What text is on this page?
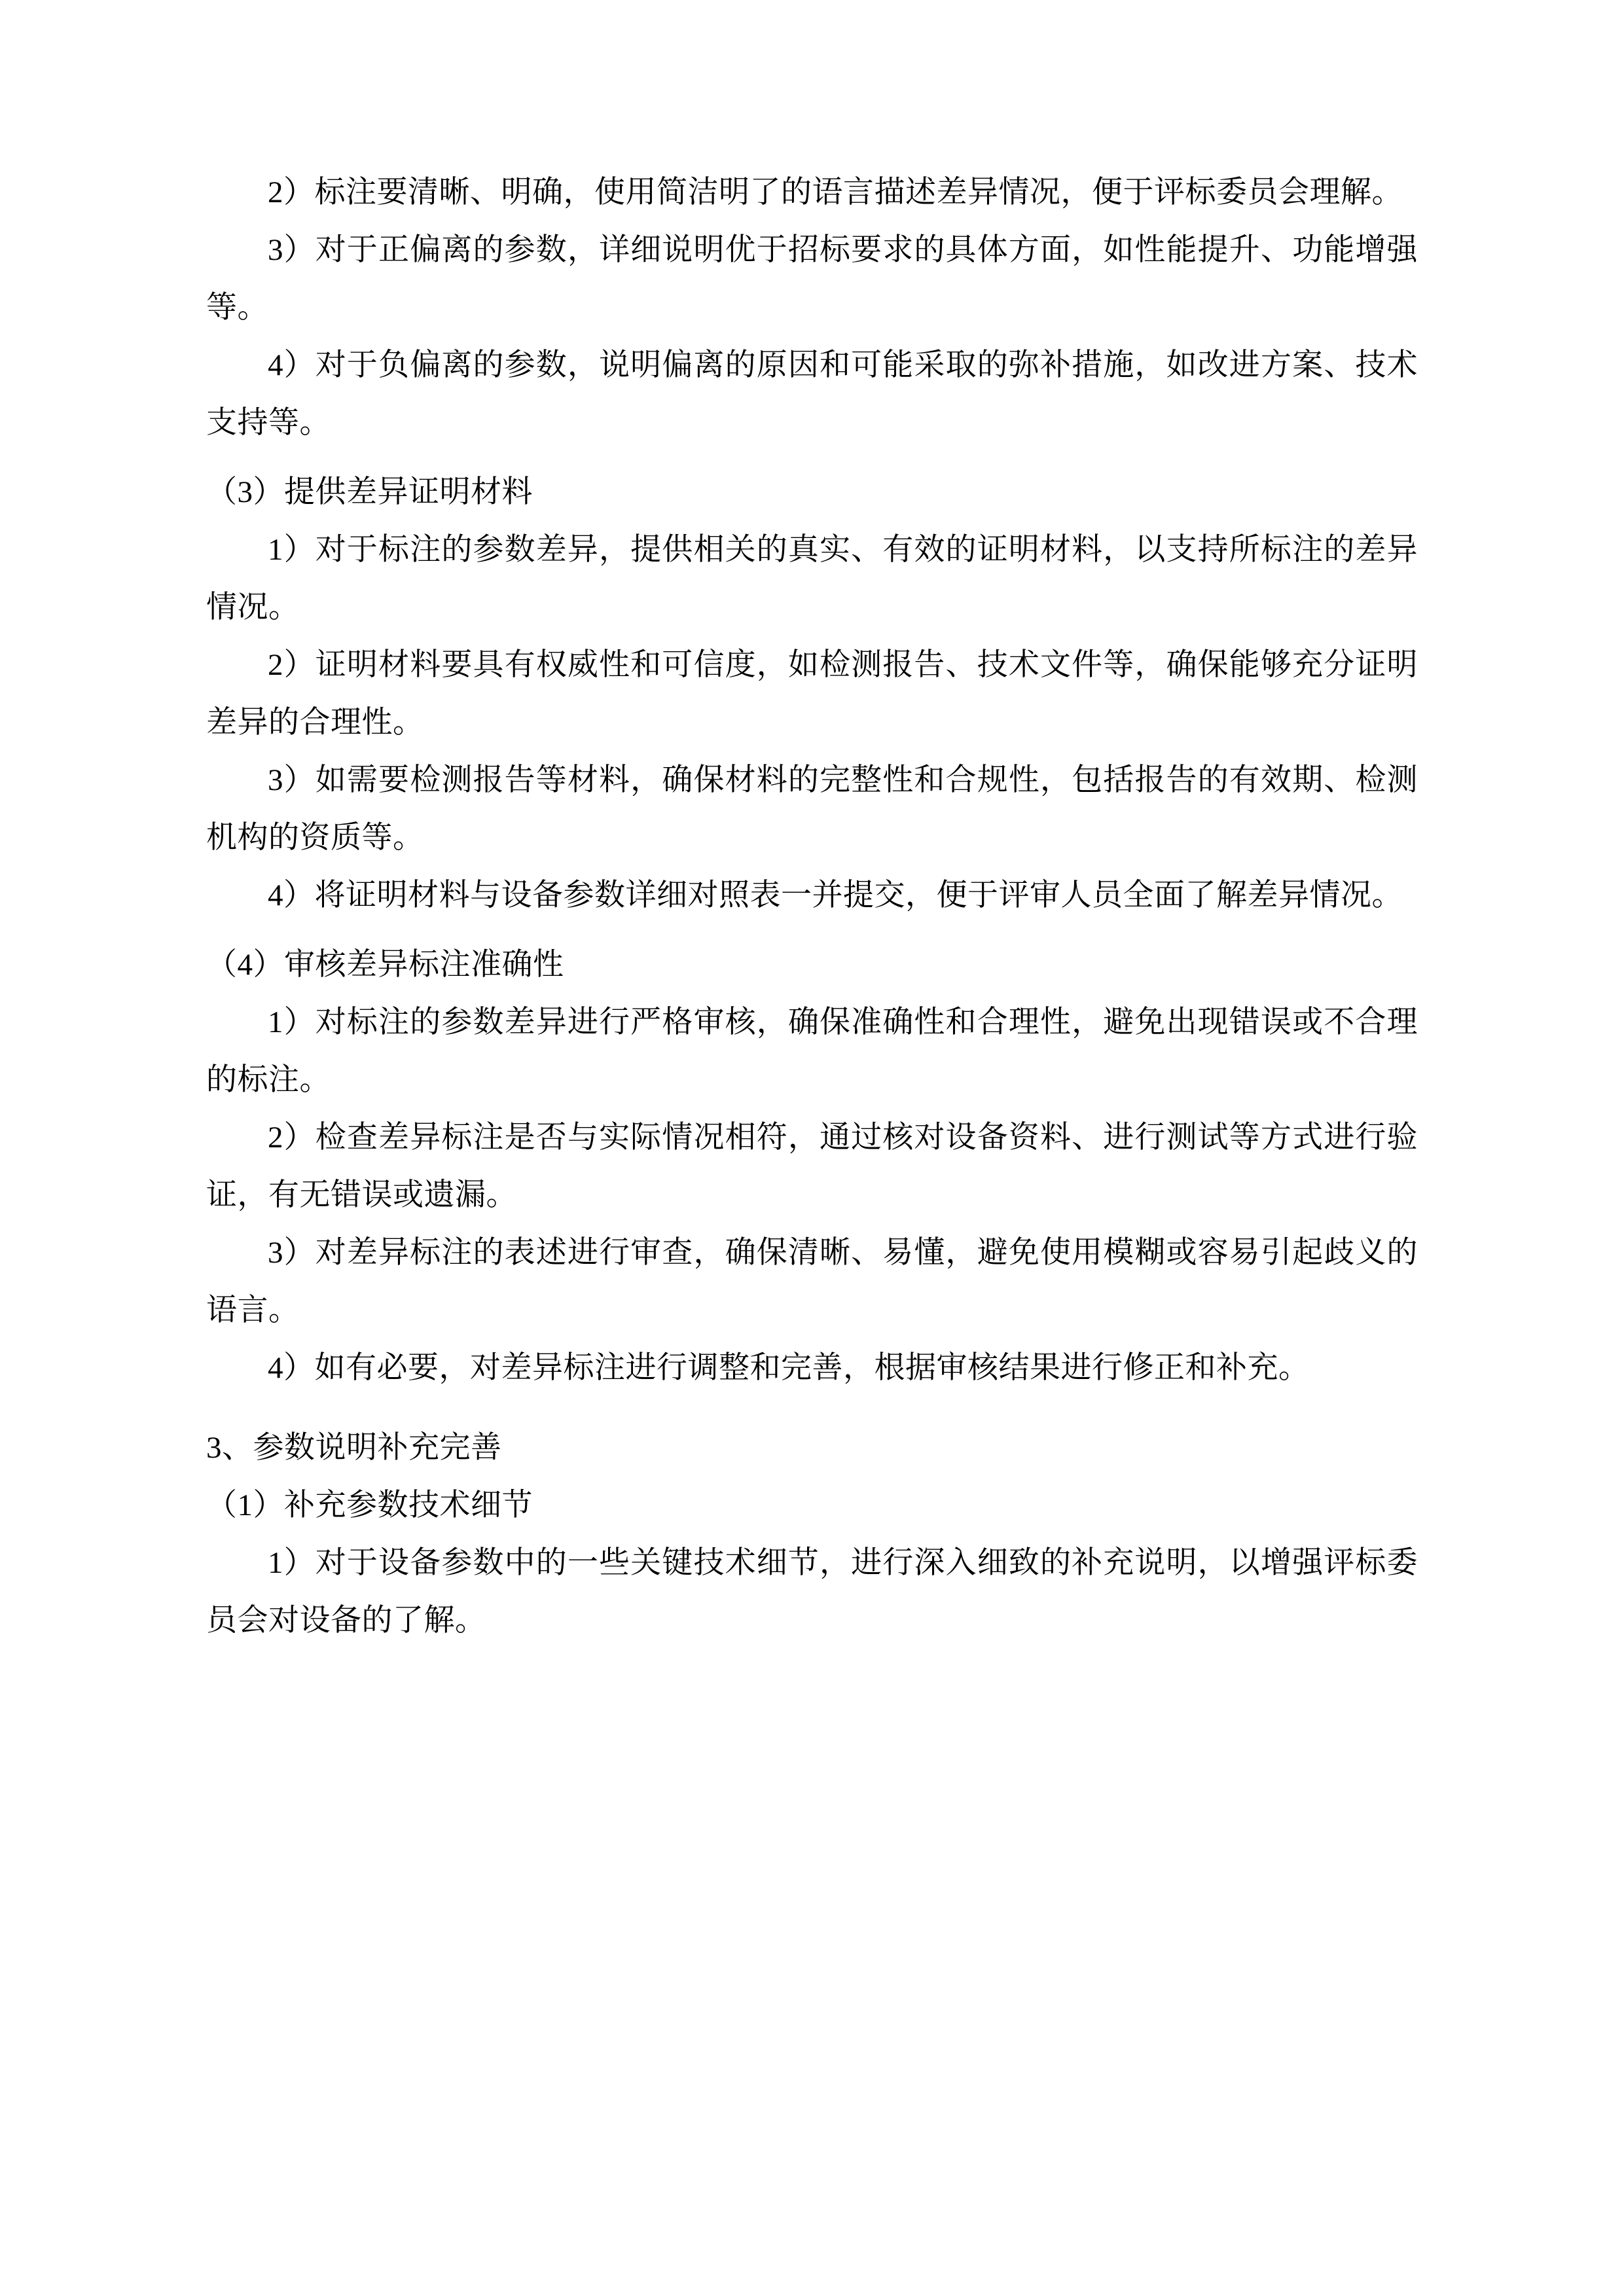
2）标注要清晰、明确，使用简洁明了的语言描述差异情况，便于评标委员会理解。

3）对于正偏离的参数，详细说明优于招标要求的具体方面，如性能提升、功能增强等。

4）对于负偏离的参数，说明偏离的原因和可能采取的弥补措施，如改进方案、技术支持等。

（3）提供差异证明材料

1）对于标注的参数差异，提供相关的真实、有效的证明材料，以支持所标注的差异情况。

2）证明材料要具有权威性和可信度，如检测报告、技术文件等，确保能够充分证明差异的合理性。

3）如需要检测报告等材料，确保材料的完整性和合规性，包括报告的有效期、检测机构的资质等。

4）将证明材料与设备参数详细对照表一并提交，便于评审人员全面了解差异情况。

（4）审核差异标注准确性

1）对标注的参数差异进行严格审核，确保准确性和合理性，避免出现错误或不合理的标注。

2）检查差异标注是否与实际情况相符，通过核对设备资料、进行测试等方式进行验证，有无错误或遗漏。

3）对差异标注的表述进行审查，确保清晰、易懂，避免使用模糊或容易引起歧义的语言。

4）如有必要，对差异标注进行调整和完善，根据审核结果进行修正和补充。

3、参数说明补充完善

（1）补充参数技术细节

1）对于设备参数中的一些关键技术细节，进行深入细致的补充说明，以增强评标委员会对设备的了解。
